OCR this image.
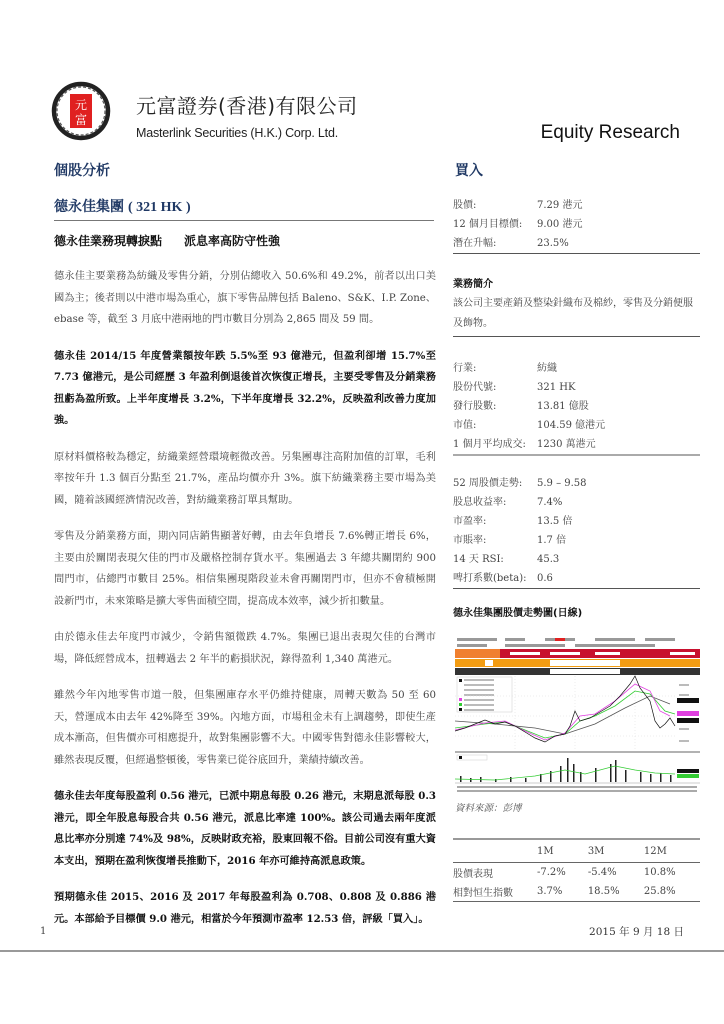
元
富
元富證券(香港)有限公司
Masterlink Securities (H.K.) Corp. Ltd.	Equity Research
個股分析	買入
德永佳集團 ( 321 HK )
德永佳業務現轉捩點 派息率高防守性強

德永佳主要業務為紡織及零售分銷，分別佔總收入 50.6%和 49.2%，前者以出口美國為主；後者則以中港市場為重心，旗下零售品牌包括 Baleno、S&K、I.P. Zone、ebase 等，截至 3 月底中港兩地的門市數目分別為 2,865 間及 59 間。

德永佳 2014/15 年度營業額按年跌 5.5%至 93 億港元，但盈利卻增 15.7%至 7.73 億港元，是公司經歷 3 年盈利倒退後首次恢復正增長，主要受零售及分銷業務扭虧為盈所致。上半年度增長 3.2%，下半年度增長 32.2%，反映盈利改善力度加強。

原材料價格較為穩定，紡織業經營環境輕微改善。另集團專注高附加值的訂單，毛利率按年升 1.3 個百分點至 21.7%，產品均價亦升 3%。旗下紡織業務主要市場為美國，隨着該國經濟情況改善，對紡織業務訂單具幫助。

零售及分銷業務方面，期內同店銷售顯著好轉，由去年負增長 7.6%轉正增長 6%，主要由於關閉表現欠佳的門市及嚴格控制存貨水平。集團過去 3 年總共關閉約 900 間門市，佔總門市數目 25%。相信集團現階段並未會再關閉門市，但亦不會積極開設新門市，未來策略是擴大零售面積空間，提高成本效率，減少折扣數量。

由於德永佳去年度門市減少，令銷售額微跌 4.7%。集團已退出表現欠佳的台灣市場，降低經營成本，扭轉過去 2 年半的虧損狀況，錄得盈利 1,340 萬港元。

雖然今年內地零售市道一般，但集團庫存水平仍維持健康，周轉天數為 50 至 60 天，營運成本由去年 42%降至 39%。內地方面，市場租金未有上調趨勢，即使生產成本漸高，但售價亦可相應提升，故對集團影響不大。中國零售對德永佳影響較大，雖然表現反覆，但經過整頓後，零售業已從谷底回升，業績持續改善。

德永佳去年度每股盈利 0.56 港元，已派中期息每股 0.26 港元，末期息派每股 0.3 港元，即全年股息每股合共 0.56 港元，派息比率達 100%。該公司過去兩年度派息比率亦分別達 74%及 98%，反映財政充裕，股東回報不俗。目前公司沒有重大資本支出，預期在盈利恢復增長推動下，2016 年亦可維持高派息政策。

預期德永佳 2015、2016 及 2017 年每股盈利為 0.708、0.808 及 0.886 港元。本部給予目標價 9.0 港元，相當於今年預測市盈率 12.53 倍，評級「買入」。

股價:	7.29 港元
12 個月目標價:	9.00 港元
潛在升幅:	23.5%
業務簡介
該公司主要產銷及整染針織布及棉紗，零售及分銷便服及飾物。
行業:	紡織
股份代號:	321 HK
發行股數:	13.81 億股
市值:	104.59 億港元
1 個月平均成交:	1230 萬港元
52 周股價走勢:	5.9 – 9.58
股息收益率:	7.4%
市盈率:	13.5 倍
市賬率:	1.7 倍
14 天 RSI:	45.3
啤打系數(beta):	0.6
德永佳集團股價走勢圖(日線)
資料來源：彭博
	1M	3M	12M
股價表現	-7.2%	-5.4%	10.8%
相對恒生指數	3.7%	18.5%	25.8%
1	2015 年 9 月 18 日
